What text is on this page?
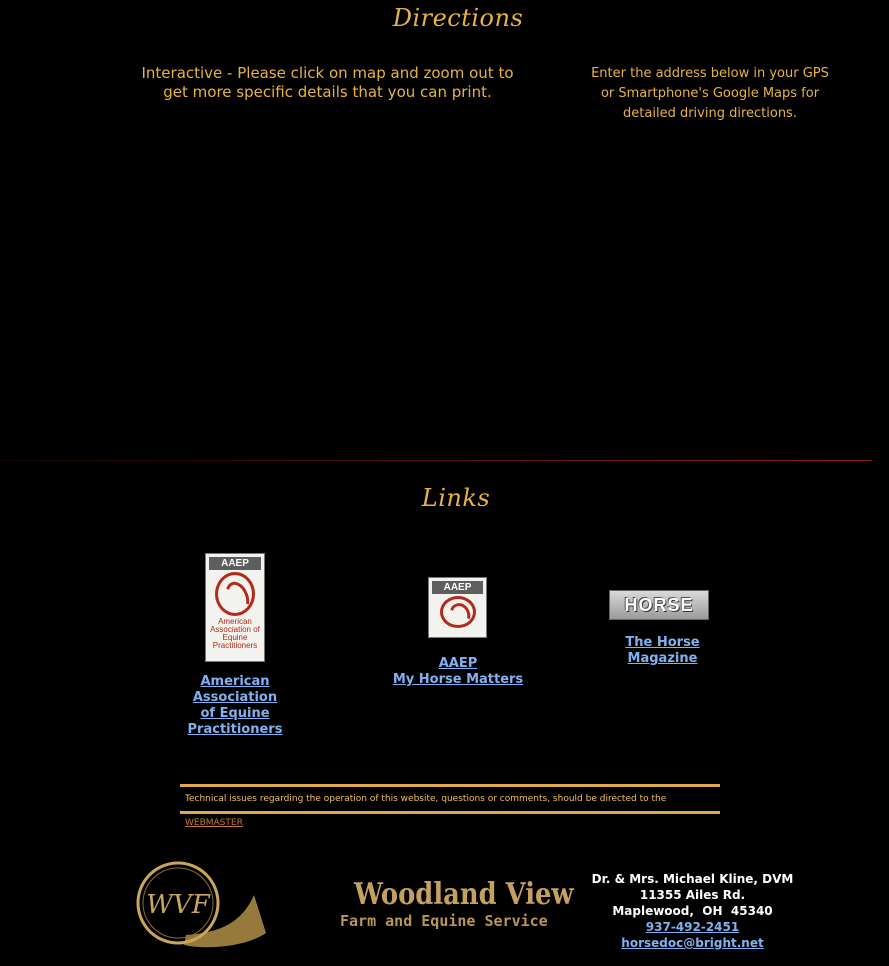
Directions
Interactive - Please click on map and zoom out to get more specific details that you can print.
Enter the address below in your GPS or Smartphone's Google Maps for detailed driving directions.
Links
AAEP
American Association of Equine Practitioners
American
Association
of Equine
Practitioners
AAEP
AAEP
My Horse Matters
HORSE
The Horse Magazine
Technical issues regarding the operation of this website, questions or comments, should be directed to the WEBMASTER
WVF	Woodland View
Farm and Equine Service
Dr. & Mrs. Michael Kline, DVM
11355 Ailes Rd.
Maplewood,  OH  45340
937-492-2451
horsedoc@bright.net
